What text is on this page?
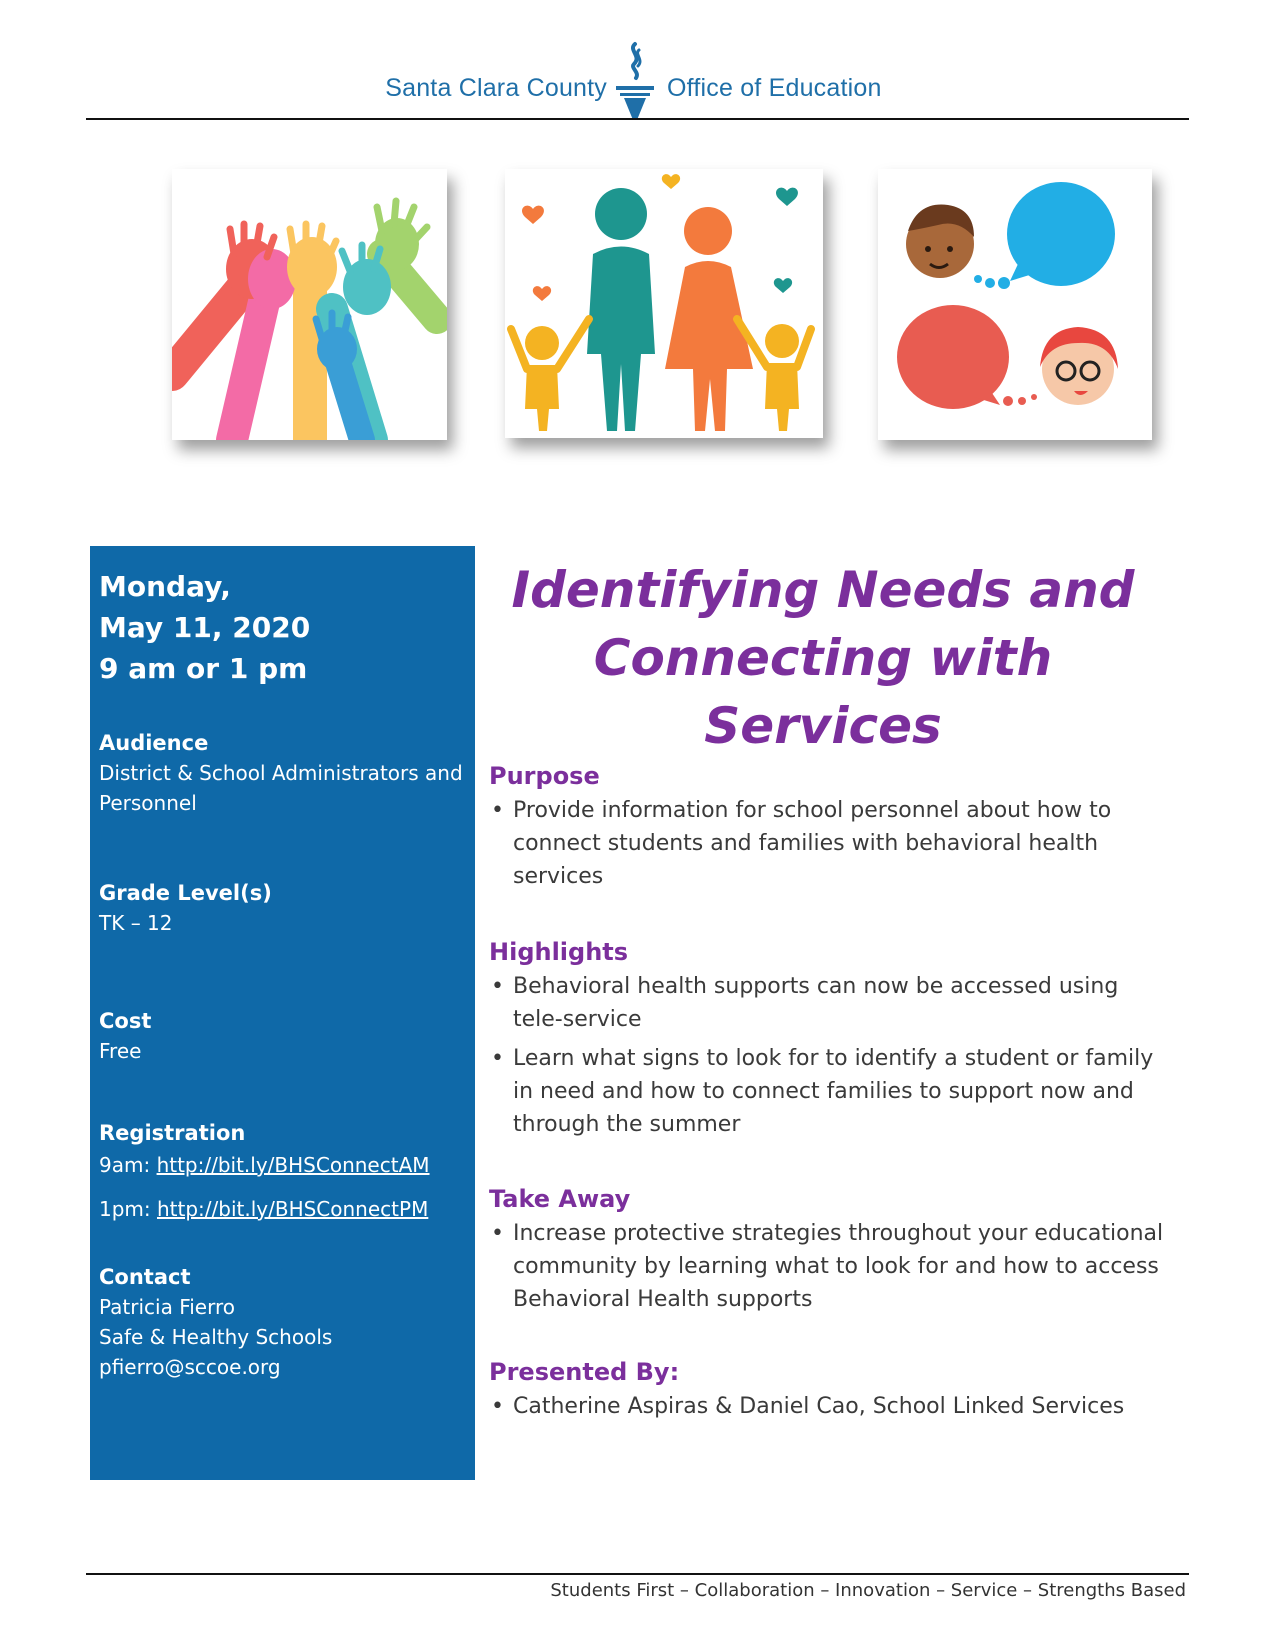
Santa Clara County Office of Education
Monday,
May 11, 2020
9 am or 1 pm
Audience
District & School Administrators and Personnel
Grade Level(s)
TK – 12
Cost
Free
Registration
9am: http://bit.ly/BHSConnectAM
1pm: http://bit.ly/BHSConnectPM
Contact
Patricia Fierro
Safe & Healthy Schools
pfierro@sccoe.org
Identifying Needs and
Connecting with Services
Purpose
• Provide information for school personnel about how to connect students and families with behavioral health services
Highlights
• Behavioral health supports can now be accessed using tele-service
• Learn what signs to look for to identify a student or family in need and how to connect families to support now and through the summer
Take Away
• Increase protective strategies throughout your educational community by learning what to look for and how to access Behavioral Health supports
Presented By:
• Catherine Aspiras & Daniel Cao, School Linked Services
Students First – Collaboration – Innovation – Service – Strengths Based
